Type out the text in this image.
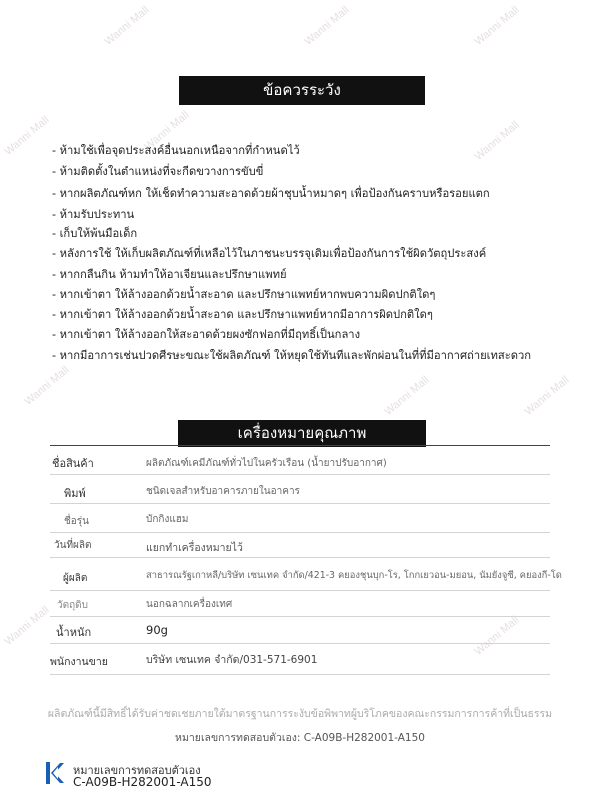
Wanni Mall	Wanni Mall	Wanni Mall
Wanni Mall	Wanni Mall	Wanni Mall
Wanni Mall	Wanni Mall	Wanni Mall
Wanni Mall	Wanni Mall
ข้อควรระวัง
- ห้ามใช้เพื่อจุดประสงค์อื่นนอกเหนือจากที่กำหนดไว้
- ห้ามติดตั้งในตำแหน่งที่จะกีดขวางการขับขี่
- หากผลิตภัณฑ์หก ให้เช็ดทำความสะอาดด้วยผ้าชุบน้ำหมาดๆ เพื่อป้องกันคราบหรือรอยแตก
- ห้ามรับประทาน
- เก็บให้พ้นมือเด็ก
- หลังการใช้ ให้เก็บผลิตภัณฑ์ที่เหลือไว้ในภาชนะบรรจุเดิมเพื่อป้องกันการใช้ผิดวัตถุประสงค์
- หากกลืนกิน ห้ามทำให้อาเจียนและปรึกษาแพทย์
- หากเข้าตา ให้ล้างออกด้วยน้ำสะอาด และปรึกษาแพทย์หากพบความผิดปกติใดๆ
- หากเข้าตา ให้ล้างออกด้วยน้ำสะอาด และปรึกษาแพทย์หากมีอาการผิดปกติใดๆ
- หากเข้าตา ให้ล้างออกให้สะอาดด้วยผงซักฟอกที่มีฤทธิ์เป็นกลาง
- หากมีอาการเช่นปวดศีรษะขณะใช้ผลิตภัณฑ์ ให้หยุดใช้ทันทีและพักผ่อนในที่ที่มีอากาศถ่ายเทสะดวก
เครื่องหมายคุณภาพ
ชื่อสินค้า	ผลิตภัณฑ์เคมีภัณฑ์ทั่วไปในครัวเรือน (น้ำยาปรับอากาศ)
พิมพ์	ชนิดเจลสำหรับอาคารภายในอาคาร
ชื่อรุ่น	บักกิงแฮม
วันที่ผลิต	แยกทำเครื่องหมายไว้
ผู้ผลิต	สาธารณรัฐเกาหลี/บริษัท เซนเทค จำกัด/421-3 คยองชุนบุก-โร, โกกเยวอน-มยอน, นัมยังจูซี, คยองกี-โด
วัตถุดิบ	นอกฉลากเครื่องเทศ
น้ำหนัก	90g
พนักงานขาย	บริษัท เซนเทค จำกัด/031-571-6901
ผลิตภัณฑ์นี้มีสิทธิ์ได้รับค่าชดเชยภายใต้มาตรฐานการระงับข้อพิพาทผู้บริโภคของคณะกรรมการการค้าที่เป็นธรรม
หมายเลขการทดสอบตัวเอง: C-A09B-H282001-A150
หมายเลขการทดสอบตัวเอง
C-A09B-H282001-A150
